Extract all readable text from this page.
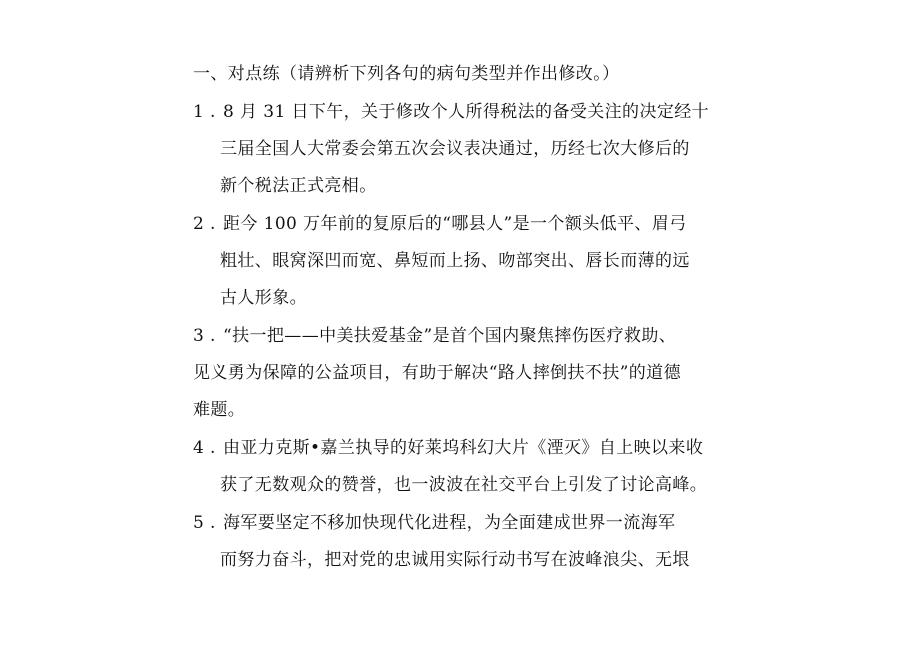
一、对点练（请辨析下列各句的病句类型并作出修改。）
1 . 8 月 31 日下午，关于修改个人所得税法的备受关注的决定经十
三届全国人大常委会第五次会议表决通过，历经七次大修后的
新个税法正式亮相。
2 . 距今 100 万年前的复原后的“哪县人”是一个额头低平、眉弓
粗壮、眼窝深凹而宽、鼻短而上扬、吻部突出、唇长而薄的远
古人形象。
3 . “扶一把——中美扶爱基金”是首个国内聚焦摔伤医疗救助、
见义勇为保障的公益项目，有助于解决“路人摔倒扶不扶”的道德
难题。
4 . 由亚力克斯•嘉兰执导的好莱坞科幻大片《湮灭》自上映以来收
获了无数观众的赞誉，也一波波在社交平台上引发了讨论高峰。
5 . 海军要坚定不移加快现代化进程，为全面建成世界一流海军
而努力奋斗，把对党的忠诚用实际行动书写在波峰浪尖、无垠
